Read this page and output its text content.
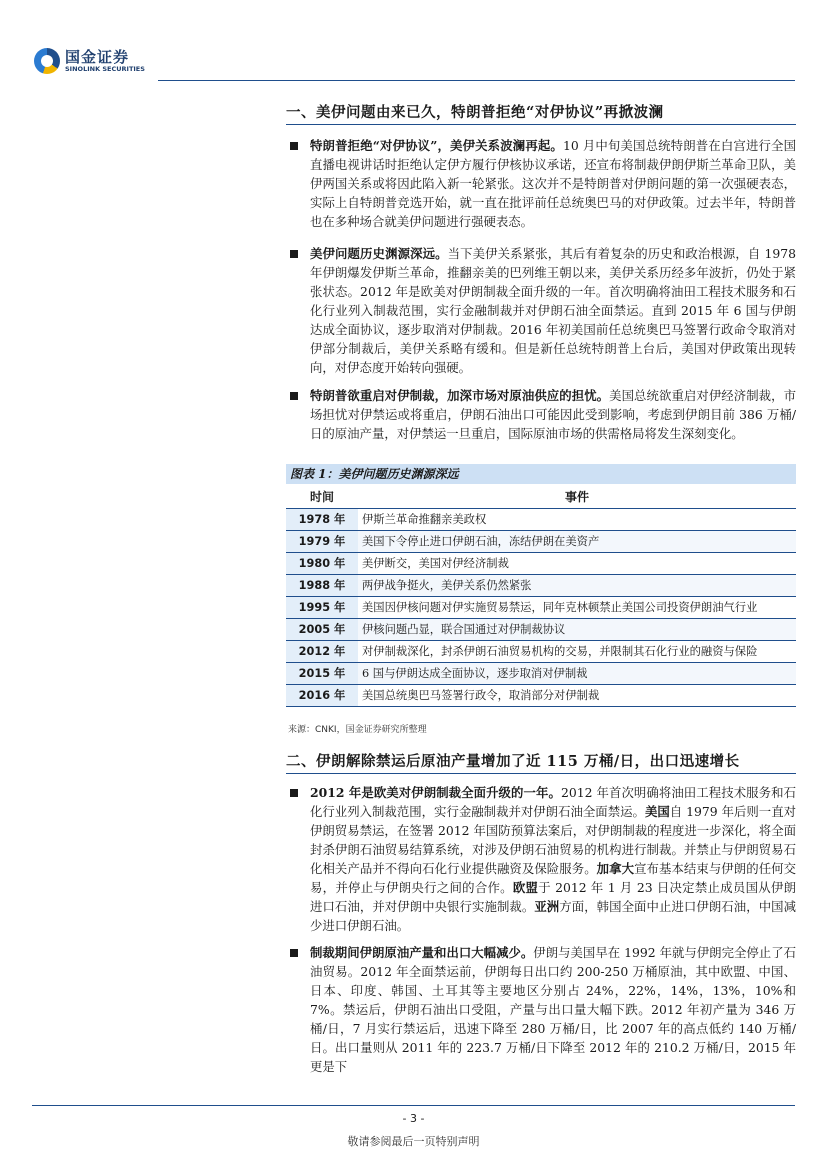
国金证券
SINOLINK SECURITIES
一、美伊问题由来已久，特朗普拒绝“对伊协议”再掀波澜
特朗普拒绝“对伊协议”，美伊关系波澜再起。10 月中旬美国总统特朗普在白宫进行全国直播电视讲话时拒绝认定伊方履行伊核协议承诺，还宣布将制裁伊朗伊斯兰革命卫队，美伊两国关系或将因此陷入新一轮紧张。这次并不是特朗普对伊朗问题的第一次强硬表态，实际上自特朗普竞选开始，就一直在批评前任总统奥巴马的对伊政策。过去半年，特朗普也在多种场合就美伊问题进行强硬表态。
美伊问题历史渊源深远。当下美伊关系紧张，其后有着复杂的历史和政治根源，自 1978 年伊朗爆发伊斯兰革命，推翻亲美的巴列维王朝以来，美伊关系历经多年波折，仍处于紧张状态。2012 年是欧美对伊朗制裁全面升级的一年。首次明确将油田工程技术服务和石化行业列入制裁范围，实行金融制裁并对伊朗石油全面禁运。直到 2015 年 6 国与伊朗达成全面协议，逐步取消对伊制裁。2016 年初美国前任总统奥巴马签署行政命令取消对伊部分制裁后，美伊关系略有缓和。但是新任总统特朗普上台后，美国对伊政策出现转向，对伊态度开始转向强硬。
特朗普欲重启对伊制裁，加深市场对原油供应的担忧。美国总统欲重启对伊经济制裁，市场担忧对伊禁运或将重启，伊朗石油出口可能因此受到影响，考虑到伊朗目前 386 万桶/日的原油产量，对伊禁运一旦重启，国际原油市场的供需格局将发生深刻变化。
图表 1：美伊问题历史渊源深远
时间	事件
1978 年	伊斯兰革命推翻亲美政权
1979 年	美国下令停止进口伊朗石油，冻结伊朗在美资产
1980 年	美伊断交，美国对伊经济制裁
1988 年	两伊战争挺火，美伊关系仍然紧张
1995 年	美国因伊核问题对伊实施贸易禁运，同年克林顿禁止美国公司投资伊朗油气行业
2005 年	伊核问题凸显，联合国通过对伊制裁协议
2012 年	对伊制裁深化，封杀伊朗石油贸易机构的交易，并限制其石化行业的融资与保险
2015 年	6 国与伊朗达成全面协议，逐步取消对伊制裁
2016 年	美国总统奥巴马签署行政令，取消部分对伊制裁
来源：CNKI，国金证券研究所整理
二、伊朗解除禁运后原油产量增加了近 115 万桶/日，出口迅速增长
2012 年是欧美对伊朗制裁全面升级的一年。2012 年首次明确将油田工程技术服务和石化行业列入制裁范围，实行金融制裁并对伊朗石油全面禁运。美国自 1979 年后则一直对伊朗贸易禁运，在签署 2012 年国防预算法案后，对伊朗制裁的程度进一步深化，将全面封杀伊朗石油贸易结算系统，对涉及伊朗石油贸易的机构进行制裁。并禁止与伊朗贸易石化相关产品并不得向石化行业提供融资及保险服务。加拿大宣布基本结束与伊朗的任何交易，并停止与伊朗央行之间的合作。欧盟于 2012 年 1 月 23 日决定禁止成员国从伊朗进口石油，并对伊朗中央银行实施制裁。亚洲方面，韩国全面中止进口伊朗石油，中国减少进口伊朗石油。
制裁期间伊朗原油产量和出口大幅减少。伊朗与美国早在 1992 年就与伊朗完全停止了石油贸易。2012 年全面禁运前，伊朗每日出口约 200-250 万桶原油，其中欧盟、中国、日本、印度、韩国、土耳其等主要地区分别占 24%，22%，14%，13%，10%和 7%。禁运后，伊朗石油出口受阻，产量与出口量大幅下跌。2012 年初产量为 346 万桶/日，7 月实行禁运后，迅速下降至 280 万桶/日，比 2007 年的高点低约 140 万桶/日。出口量则从 2011 年的 223.7 万桶/日下降至 2012 年的 210.2 万桶/日，2015 年更是下
- 3 -
敬请参阅最后一页特别声明
